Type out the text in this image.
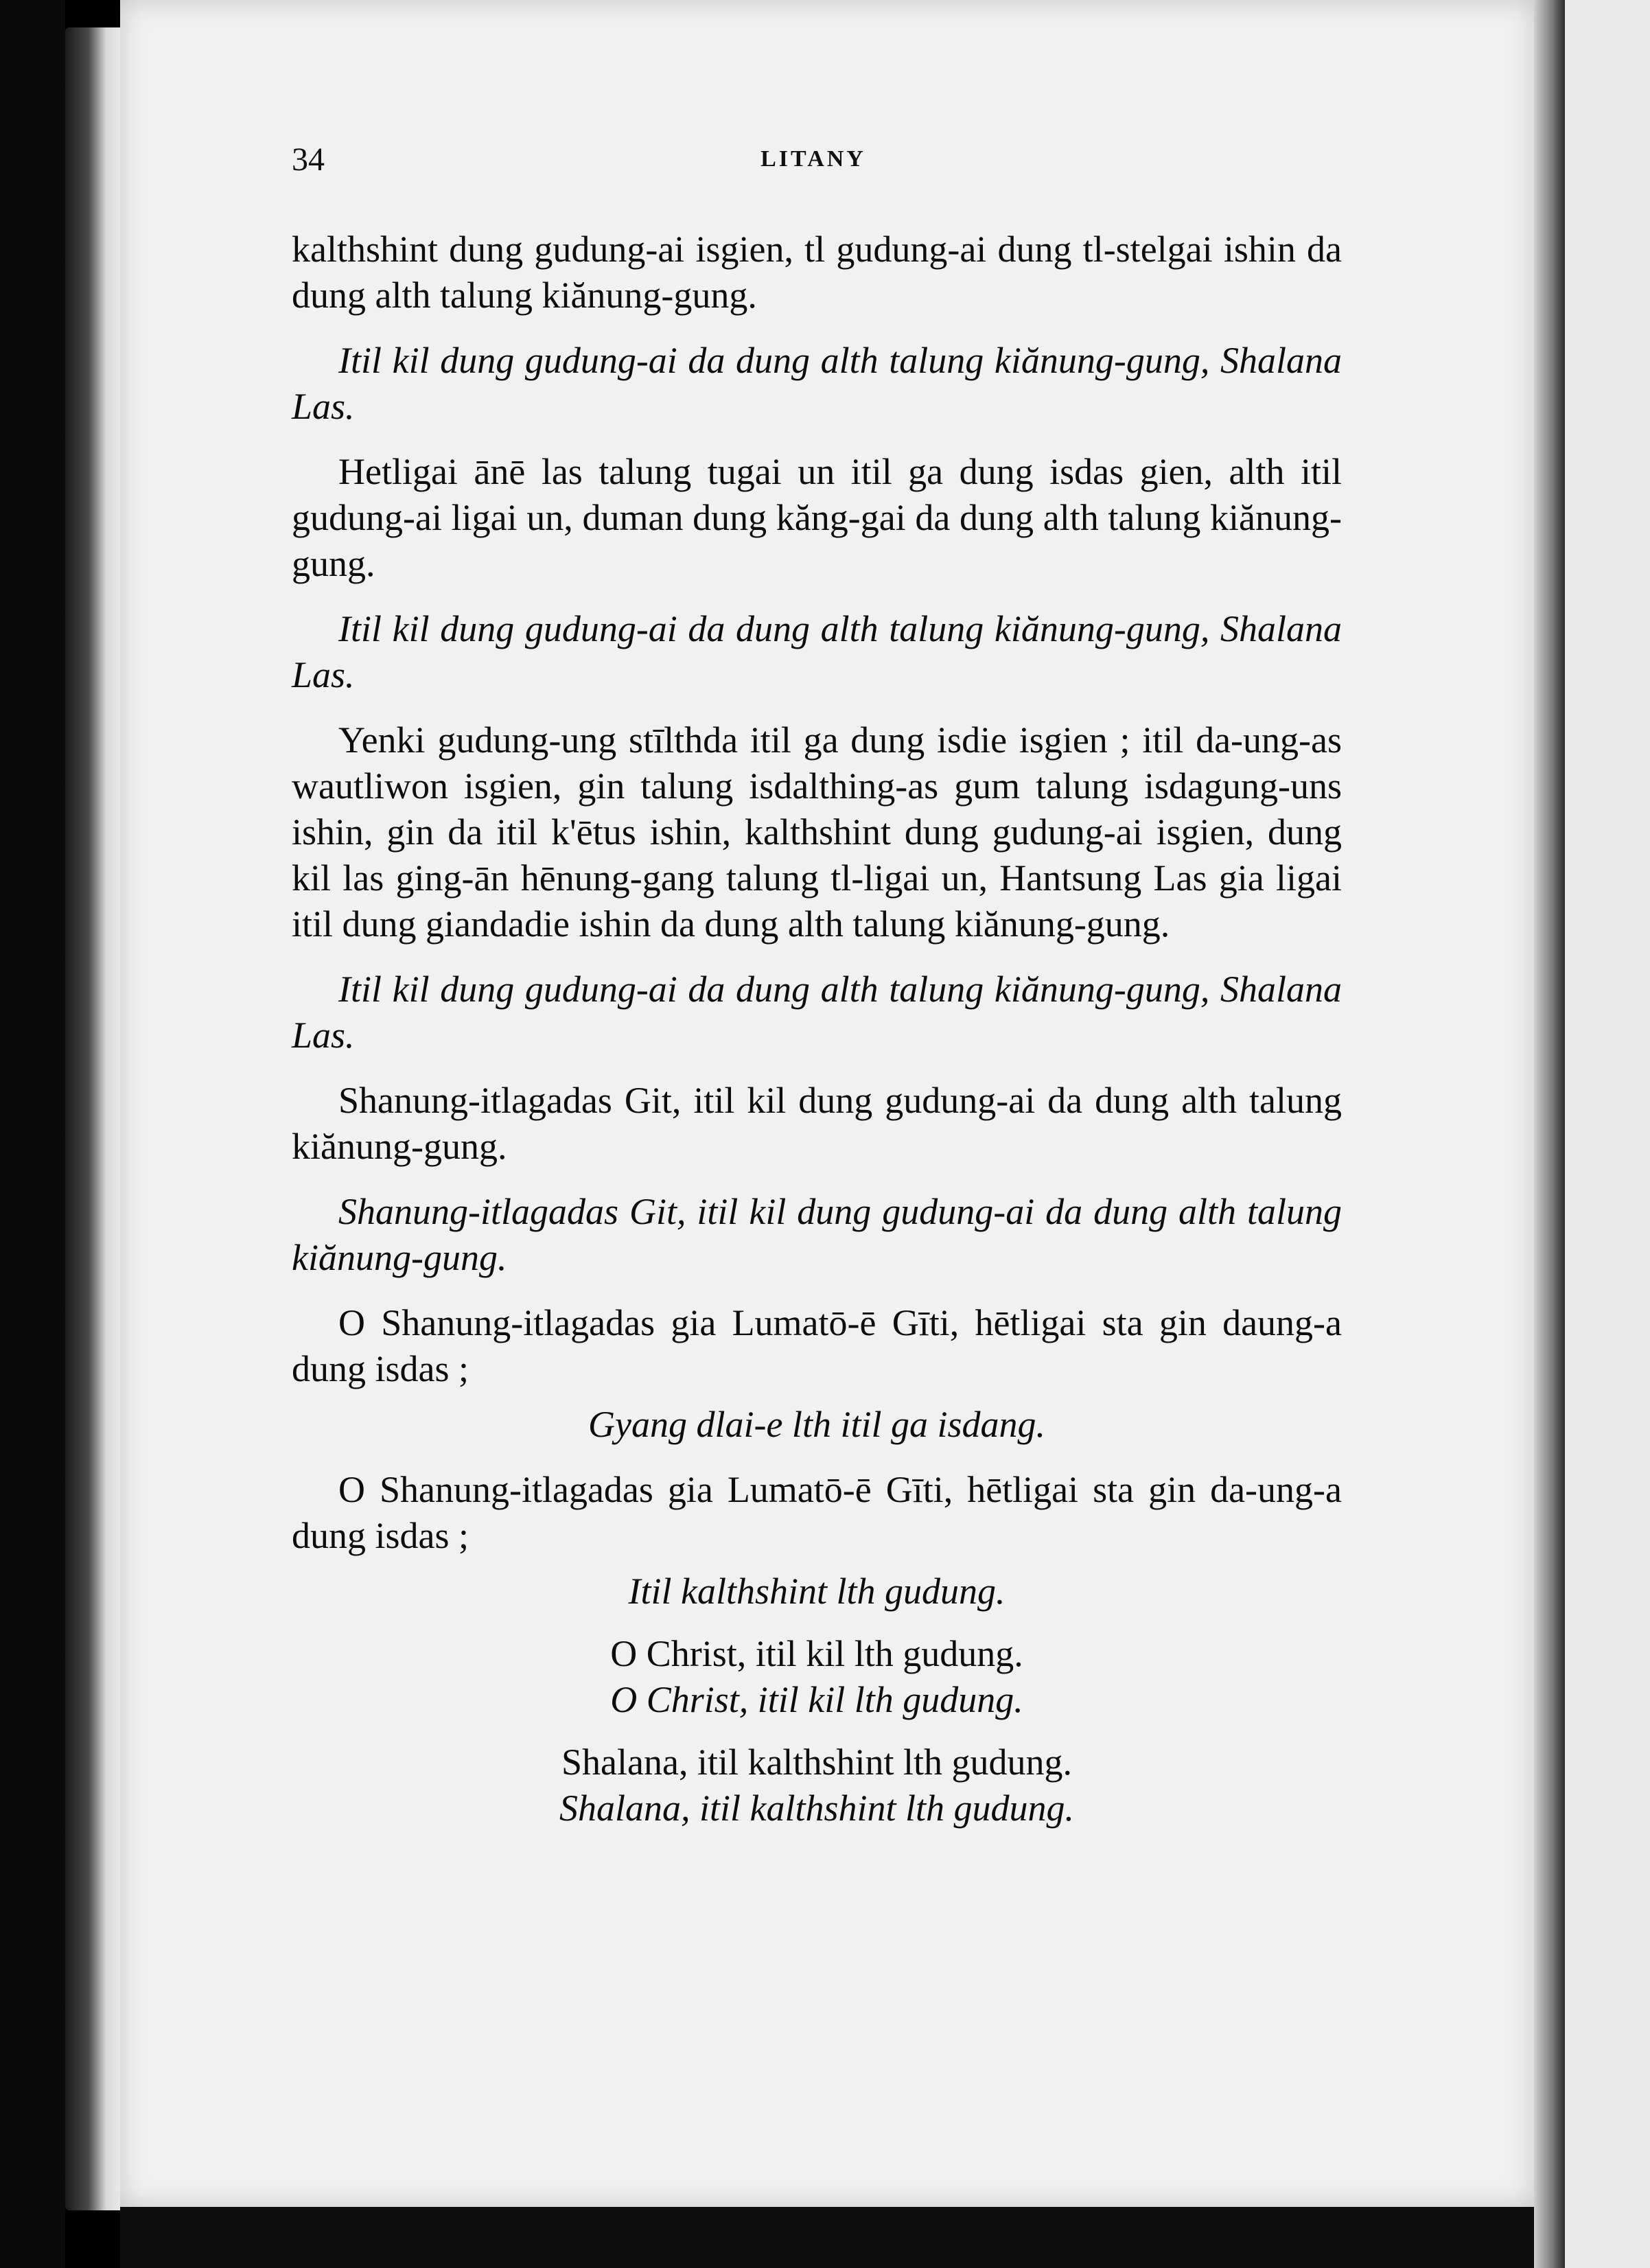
34	LITANY

kalthshint dung gudung-ai isgien, tl gudung-ai dung tl-stelgai ishin da dung alth talung kiănung-gung.

Itil kil dung gudung-ai da dung alth talung kiănung-gung, Shalana Las.

Hetligai ānē las talung tugai un itil ga dung isdas gien, alth itil gudung-ai ligai un, duman dung kăng-gai da dung alth talung kiănung-gung.

Itil kil dung gudung-ai da dung alth talung kiănung-gung, Shalana Las.

Yenki gudung-ung stīlthda itil ga dung isdie isgien ; itil da-ung-as wautliwon isgien, gin talung isdalthing-as gum talung isdagung-uns ishin, gin da itil k'ētus ishin, kalthshint dung gudung-ai isgien, dung kil las ging-ān hēnung-gang talung tl-ligai un, Hantsung Las gia ligai itil dung giandadie ishin da dung alth talung kiănung-gung.

Itil kil dung gudung-ai da dung alth talung kiănung-gung, Shalana Las.

Shanung-itlagadas Git, itil kil dung gudung-ai da dung alth talung kiănung-gung.

Shanung-itlagadas Git, itil kil dung gudung-ai da dung alth talung kiănung-gung.

O Shanung-itlagadas gia Lumatō-ē Gīti, hētligai sta gin daung-a dung isdas ;

Gyang dlai-e lth itil ga isdang.

O Shanung-itlagadas gia Lumatō-ē Gīti, hētligai sta gin da-ung-a dung isdas ;

Itil kalthshint lth gudung.

O Christ, itil kil lth gudung.

O Christ, itil kil lth gudung.

Shalana, itil kalthshint lth gudung.

Shalana, itil kalthshint lth gudung.
